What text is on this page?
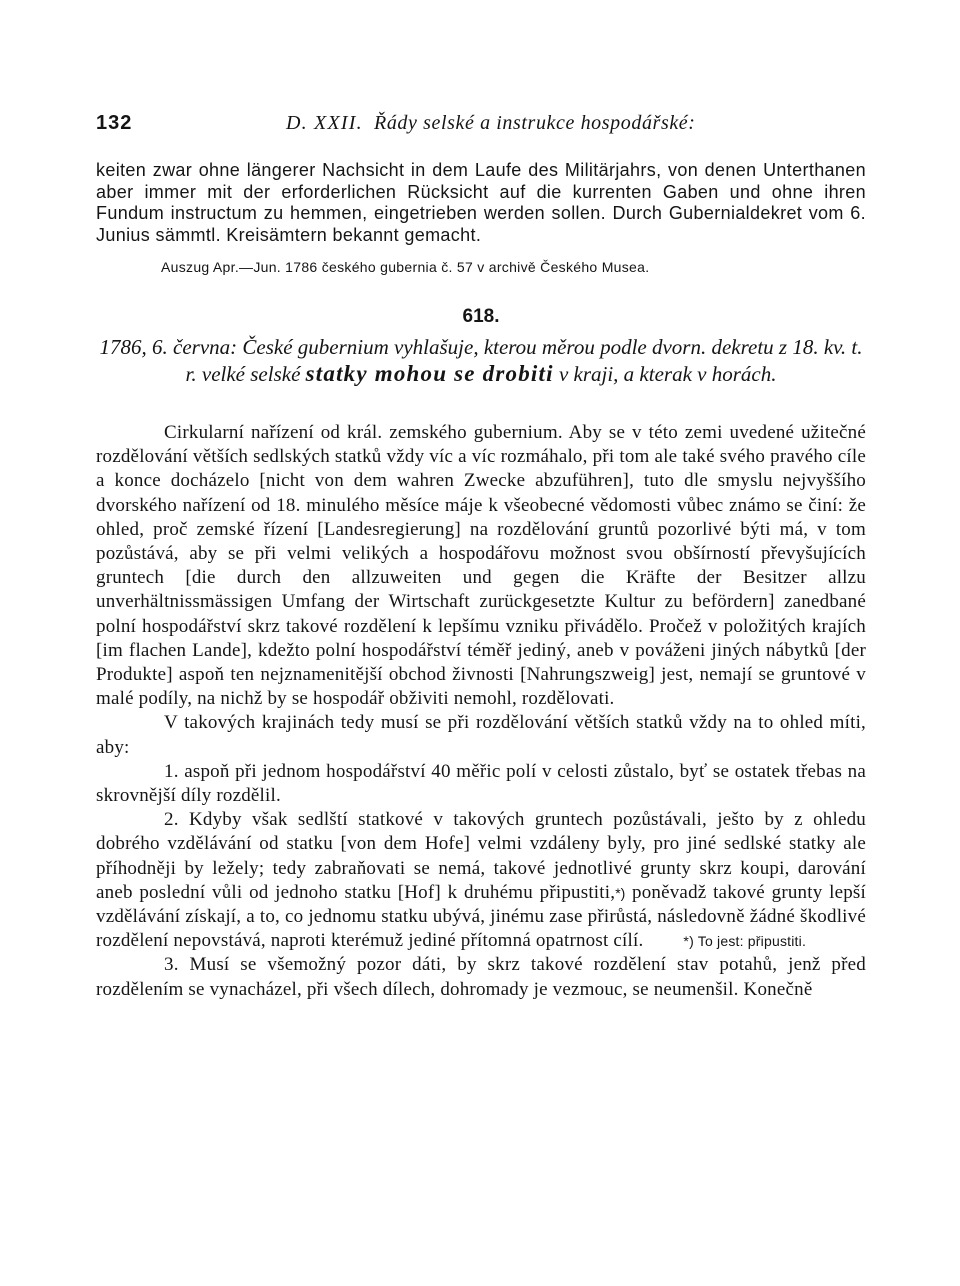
132	D. XXII. Řády selské a instrukce hospodářské:
keiten zwar ohne längerer Nachsicht in dem Laufe des Militärjahrs, von denen Unterthanen aber immer mit der erforderlichen Rücksicht auf die kurrenten Gaben und ohne ihren Fundum instructum zu hemmen, eingetrieben werden sollen. Durch Gubernialdekret vom 6. Junius sämmtl. Kreisämtern bekannt gemacht.
Auszug Apr.—Jun. 1786 českého gubernia č. 57 v archivě Českého Musea.
618.
1786, 6. června: České gubernium vyhlašuje, kterou měrou podle dvorn. dekretu z 18. kv. t. r. velké selské statky mohou se drobiti v kraji, a kterak v horách.

Cirkularní nařízení od král. zemského gubernium. Aby se v této zemi uvedené užitečné rozdělování větších sedlských statků vždy víc a víc rozmáhalo, při tom ale také svého pravého cíle a konce docházelo [nicht von dem wahren Zwecke abzuführen], tuto dle smyslu nejvyššího dvorského nařízení od 18. minulého měsíce máje k všeobecné vědomosti vůbec známo se činí: že ohled, proč zemské řízení [Landesregierung] na rozdělování gruntů pozorlivé býti má, v tom pozůstává, aby se při velmi velikých a hospodářovu možnost svou obšírností převyšujících gruntech [die durch den allzuweiten und gegen die Kräfte der Besitzer allzu unverhältnissmässigen Umfang der Wirtschaft zurückgesetzte Kultur zu befördern] zanedbané polní hospodářství skrz takové rozdělení k lepšímu vzniku přivádělo. Pročež v položitých krajích [im flachen Lande], kdežto polní hospodářství téměř jediný, aneb v pováženi jiných nábytků [der Produkte] aspoň ten nejznamenitější obchod živnosti [Nahrungszweig] jest, nemají se gruntové v malé podíly, na nichž by se hospodář obživiti nemohl, rozdělovati.

V takových krajinách tedy musí se při rozdělování větších statků vždy na to ohled míti, aby:

1. aspoň při jednom hospodářství 40 měřic polí v celosti zůstalo, byť se ostatek třebas na skrovnější díly rozdělil.

2. Kdyby však sedlští statkové v takových gruntech pozůstávali, ješto by z ohledu dobrého vzdělávání od statku [von dem Hofe] velmi vzdáleny byly, pro jiné sedlské statky ale příhodněji by ležely; tedy zabraňovati se nemá, takové jednotlivé grunty skrz koupi, darování aneb poslední vůli od jednoho statku [Hof] k druhému připustiti,*) poněvadž takové grunty lepší vzdělávání získají, a to, co jednomu statku ubývá, jinému zase přirůstá, následovně žádné škodlivé rozdělení nepovstává, naproti kterémuž jediné přítomná opatrnost cílí.	*) To jest: připustiti.

3. Musí se všemožný pozor dáti, by skrz takové rozdělení stav potahů, jenž před rozdělením se vynacházel, při všech dílech, dohromady je vezmouc, se neumenšil. Konečně
